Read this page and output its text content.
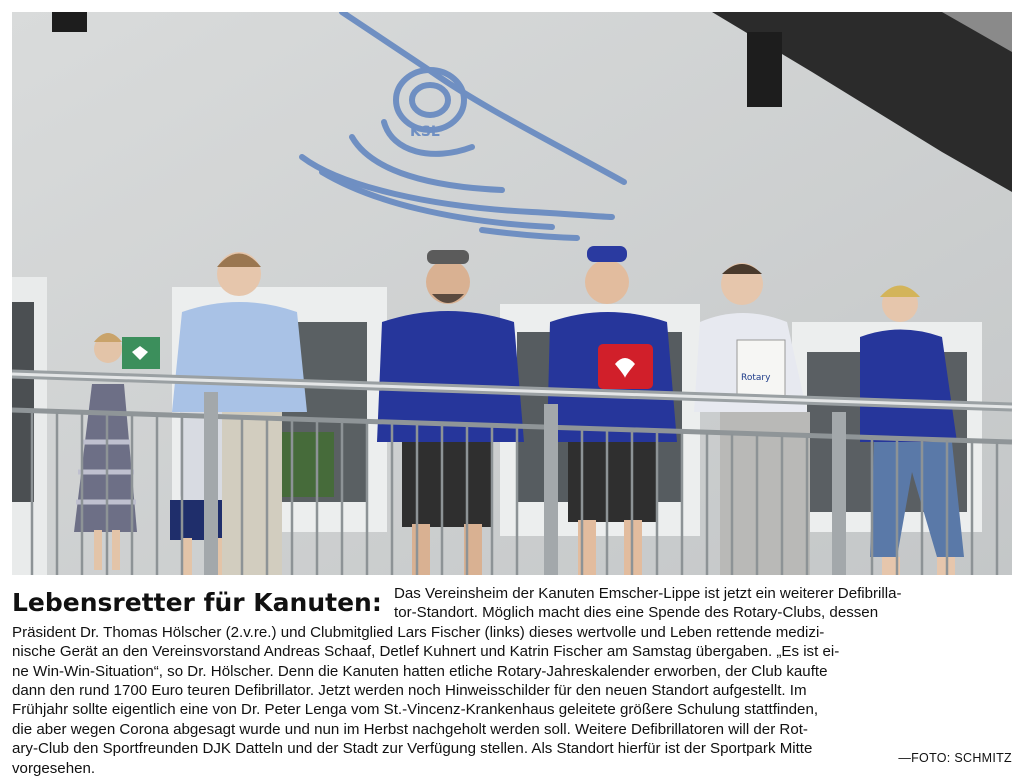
KSL
Rotary
Lebensretter für Kanuten: Das Vereinsheim der Kanuten Emscher-Lippe ist jetzt ein weiterer Defibrilla-
tor-Standort. Möglich macht dies eine Spende des Rotary-Clubs, dessen
Präsident Dr. Thomas Hölscher (2.v.re.) und Clubmitglied Lars Fischer (links) dieses wertvolle und Leben rettende medizi-
nische Gerät an den Vereinsvorstand Andreas Schaaf, Detlef Kuhnert und Katrin Fischer am Samstag übergaben. „Es ist ei-
ne Win-Win-Situation“, so Dr. Hölscher. Denn die Kanuten hatten etliche Rotary-Jahreskalender erworben, der Club kaufte
dann den rund 1700 Euro teuren Defibrillator. Jetzt werden noch Hinweisschilder für den neuen Standort aufgestellt. Im
Frühjahr sollte eigentlich eine von Dr. Peter Lenga vom St.-Vincenz-Krankenhaus geleitete größere Schulung stattfinden,
die aber wegen Corona abgesagt wurde und nun im Herbst nachgeholt werden soll. Weitere Defibrillatoren will der Rot-
ary-Club den Sportfreunden DJK Datteln und der Stadt zur Verfügung stellen. Als Standort hierfür ist der Sportpark Mitte
vorgesehen.
—FOTO: SCHMITZ
